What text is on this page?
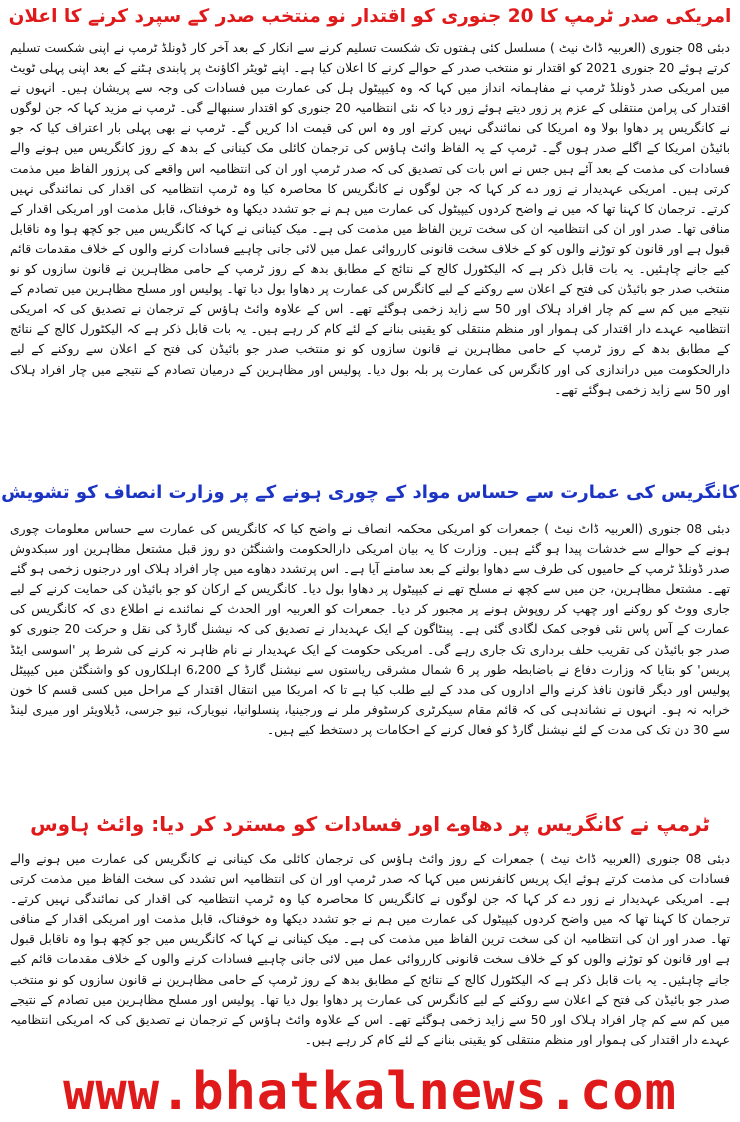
امریکی صدر ٹرمپ کا 20 جنوری کو اقتدار نو منتخب صدر کے سپرد کرنے کا اعلان

دبئی 08 جنوری (العربیہ ڈاٹ نیٹ ) مسلسل کئی ہفتوں تک شکست تسلیم کرنے سے انکار کے بعد آخر کار ڈونلڈ ٹرمپ نے اپنی شکست تسلیم کرتے ہوئے 20 جنوری 2021 کو اقتدار نو منتخب صدر کے حوالے کرنے کا اعلان کیا ہے۔ اپنے ٹویٹر اکاؤنٹ پر پابندی ہٹنے کے بعد اپنی پہلی ٹویٹ میں امریکی صدر ڈونلڈ ٹرمپ نے مفاہمانہ انداز میں کہا کہ وہ کیپیٹول ہل کی عمارت میں فسادات کی وجہ سے پریشان ہیں۔ انہوں نے اقتدار کی پرامن منتقلی کے عزم پر زور دیتے ہوئے زور دیا کہ نئی انتظامیہ 20 جنوری کو اقتدار سنبھالے گی۔ ٹرمپ نے مزید کہا کہ جن لوگوں نے کانگریس پر دھاوا بولا وہ امریکا کی نمائندگی نہیں کرتے اور وہ اس کی قیمت ادا کریں گے۔ ٹرمپ نے بھی پہلی بار اعتراف کیا کہ جو بائیڈن امریکا کے اگلے صدر ہوں گے۔ ٹرمپ کے یہ الفاظ وائٹ ہاؤس کی ترجمان کائلی مک کینانی کے بدھ کے روز کانگریس میں ہونے والے فسادات کی مذمت کے بعد آئے ہیں جس نے اس بات کی تصدیق کی کہ صدر ٹرمپ اور ان کی انتظامیہ اس واقعے کی پرزور الفاظ میں مذمت کرتی ہیں۔ امریکی عہدیدار نے زور دے کر کہا کہ جن لوگوں نے کانگریس کا محاصرہ کیا وہ ٹرمپ انتظامیہ کی اقدار کی نمائندگی نہیں کرتے۔ ترجمان کا کہنا تھا کہ میں نے واضح کردوں کیپیٹول کی عمارت میں ہم نے جو تشدد دیکھا وہ خوفناک، قابل مذمت اور امریکی اقدار کے منافی تھا۔ صدر اور ان کی انتظامیہ ان کی سخت ترین الفاظ میں مذمت کی ہے۔ میک کینانی نے کہا کہ کانگریس میں جو کچھ ہوا وہ ناقابل قبول ہے اور قانون کو توڑنے والوں کو کے خلاف سخت قانونی کارروائی عمل میں لائی جانی چاہیے فسادات کرنے والوں کے خلاف مقدمات قائم کیے جانے چاہئیں۔ یہ بات قابل ذکر ہے کہ الیکٹورل کالج کے نتائج کے مطابق بدھ کے روز ٹرمپ کے حامی مظاہرین نے قانون سازوں کو نو منتخب صدر جو بائیڈن کی فتح کے اعلان سے روکنے کے لیے کانگرس کی عمارت پر دھاوا بول دیا تھا۔ پولیس اور مسلح مظاہرین میں تصادم کے نتیجے میں کم سے کم چار افراد ہلاک اور 50 سے زاید زخمی ہوگئے تھے۔ اس کے علاوہ وائٹ ہاؤس کے ترجمان نے تصدیق کی کہ امریکی انتظامیہ عہدے دار اقتدار کی ہموار اور منظم منتقلی کو یقینی بنانے کے لئے کام کر رہے ہیں۔ یہ بات قابل ذکر ہے کہ الیکٹورل کالج کے نتائج کے مطابق بدھ کے روز ٹرمپ کے حامی مظاہرین نے قانون سازوں کو نو منتخب صدر جو بائیڈن کی فتح کے اعلان سے روکنے کے لیے دارالحکومت میں دراندازی کی اور کانگرس کی عمارت پر بلہ بول دیا۔ پولیس اور مظاہرین کے درمیان تصادم کے نتیجے میں چار افراد ہلاک اور 50 سے زاید زخمی ہوگئے تھے۔

کانگریس کی عمارت سے حساس مواد کے چوری ہونے کے پر وزارت انصاف کو تشویش

دبئی 08 جنوری (العربیہ ڈاٹ نیٹ ) جمعرات کو امریکی محکمہ انصاف نے واضح کیا کہ کانگریس کی عمارت سے حساس معلومات چوری ہونے کے حوالے سے خدشات پیدا ہو گئے ہیں۔ وزارت کا یہ بیان امریکی دارالحکومت واشنگٹن دو روز قبل مشتعل مظاہرین اور سبکدوش صدر ڈونلڈ ٹرمپ کے حامیوں کی طرف سے دھاوا بولنے کے بعد سامنے آیا ہے۔ اس پرتشدد دھاوے میں چار افراد ہلاک اور درجنوں زخمی ہو گئے تھے۔ مشتعل مظاہرین، جن میں سے کچھ نے مسلح تھے نے کیپیٹول پر دھاوا بول دیا۔ کانگریس کے ارکان کو جو بائیڈن کی حمایت کرنے کے لیے جاری ووٹ کو روکنے اور چھپ کر روپوش ہونے پر مجبور کر دیا۔ جمعرات کو العربیہ اور الحدث کے نمائندے نے اطلاع دی کہ کانگریس کی عمارت کے آس پاس نئی فوجی کمک لگادی گئی ہے۔ پینٹاگون کے ایک عہدیدار نے تصدیق کی کہ نیشنل گارڈ کی نقل و حرکت 20 جنوری کو صدر جو بائیڈن کی تقریب حلف برداری تک جاری رہے گی۔ امریکی حکومت کے ایک عہدیدار نے نام ظاہر نہ کرنے کی شرط پر 'اسوسی ایٹڈ پریس' کو بتایا کہ وزارت دفاع نے باضابطہ طور پر 6 شمال مشرقی ریاستوں سے نیشنل گارڈ کے 6،200 اہلکاروں کو واشنگٹن میں کیپیٹل پولیس اور دیگر قانون نافذ کرنے والے اداروں کی مدد کے لیے طلب کیا ہے تا کہ امریکا میں انتقال اقتدار کے مراحل میں کسی قسم کا خون خرابہ نہ ہو۔ انہوں نے نشاندہی کی کہ قائم مقام سیکرٹری کرسٹوفر ملر نے ورجینیا، پنسلوانیا، نیویارک، نیو جرسی، ڈیلاویئر اور میری لینڈ سے 30 دن تک کی مدت کے لئے نیشنل گارڈ کو فعال کرنے کے احکامات پر دستخط کیے ہیں۔

ٹرمپ نے کانگریس پر دھاوے اور فسادات کو مسترد کر دیا: وائٹ ہاوس

دبئی 08 جنوری (العربیہ ڈاٹ نیٹ ) جمعرات کے روز وائٹ ہاؤس کی ترجمان کائلی مک کینانی نے کانگریس کی عمارت میں ہونے والے فسادات کی مذمت کرتے ہوئے ایک پریس کانفرنس میں کہا کہ صدر ٹرمپ اور ان کی انتظامیہ اس تشدد کی سخت الفاظ میں مذمت کرتی ہے۔ امریکی عہدیدار نے زور دے کر کہا کہ جن لوگوں نے کانگریس کا محاصرہ کیا وہ ٹرمپ انتظامیہ کی اقدار کی نمائندگی نہیں کرتے۔ ترجمان کا کہنا تھا کہ میں واضح کردوں کیپیٹول کی عمارت میں ہم نے جو تشدد دیکھا وہ خوفناک، قابل مذمت اور امریکی اقدار کے منافی تھا۔ صدر اور ان کی انتظامیہ ان کی سخت ترین الفاظ میں مذمت کی ہے۔ میک کینانی نے کہا کہ کانگریس میں جو کچھ ہوا وہ ناقابل قبول ہے اور قانون کو توڑنے والوں کو کے خلاف سخت قانونی کارروائی عمل میں لائی جانی چاہیے فسادات کرنے والوں کے خلاف مقدمات قائم کیے جانے چاہئیں۔ یہ بات قابل ذکر ہے کہ الیکٹورل کالج کے نتائج کے مطابق بدھ کے روز ٹرمپ کے حامی مظاہرین نے قانون سازوں کو نو منتخب صدر جو بائیڈن کی فتح کے اعلان سے روکنے کے لیے کانگرس کی عمارت پر دھاوا بول دیا تھا۔ پولیس اور مسلح مظاہرین میں تصادم کے نتیجے میں کم سے کم چار افراد ہلاک اور 50 سے زاید زخمی ہوگئے تھے۔ اس کے علاوہ وائٹ ہاؤس کے ترجمان نے تصدیق کی کہ امریکی انتظامیہ عہدے دار اقتدار کی ہموار اور منظم منتقلی کو یقینی بنانے کے لئے کام کر رہے ہیں۔

www.bhatkalnews.com
